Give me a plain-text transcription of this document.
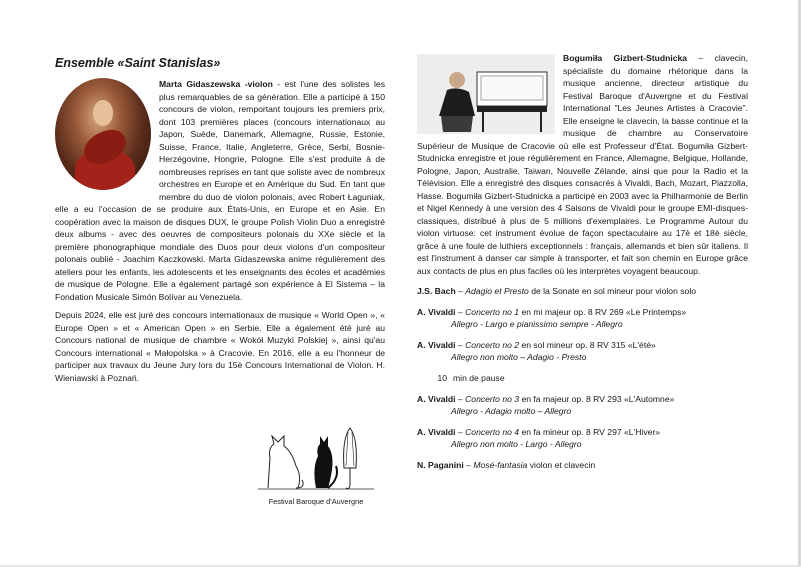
Ensemble «Saint Stanislas»

Marta Gidaszewska -violon - est l'une des solistes les plus remarquables de sa génération. Elle a participé à 150 concours de violon, remportant toujours les premiers prix, dont 103 premières places (concours internationaux au Japon, Suède, Danemark, Allemagne, Russie, Estonie, Suisse, France, Italie, Angleterre, Grèce, Serbi, Bosnie-Herzégovine, Hongrie, Pologne. Elle s'est produite à de nombreuses reprises en tant que soliste avec de nombreux orchestres en Europe et en Amérique du Sud. En tant que membre du duo de violon polonais, avec Robert Łaguniak, elle a eu l'occasion de se produire aux États-Unis, en Europe et en Asie. En coopération avec la maison de disques DUX, le groupe Polish Violin Duo a enregistré deux albums - avec des oeuvres de compositeurs polonais du XXe siècle et la première phonographique mondiale des Duos pour deux violons d'un compositeur polonais oublié - Joachim Kaczkowski. Marta Gidaszewska anime régulièrement des ateliers pour les enfants, les adolescents et les enseignants des écoles et académies de musique de Pologne. Elle a également partagé son expérience à El Sistema – la Fondation Musicale Simón Bolívar au Venezuela.

Depuis 2024, elle est juré des concours internationaux de musique « World Open », « Europe Open » et « American Open » en Serbie. Elle a également été juré au Concours national de musique de chambre « Wokół Muzyki Polskiej », ainsi qu'au Concours international « Małopolska » à Cracovie. En 2016, elle a eu l'honneur de participer aux travaux du Jeune Jury lors du 15è Concours International de Violon. H. Wieniawski à Poznań.

Festival Baroque d'Auvergne

Bogumiła Gizbert-Studnicka – clavecin, spécialiste du domaine rhétorique dans la musique ancienne, directeur artistique du Festival Baroque d'Auvergne et du Festival International "Les Jeunes Artistes à Cracovie". Elle enseigne le clavecin, la basse continue et la musique de chambre au Conservatoire Supérieur de Musique de Cracovie où elle est Professeur d'État. Bogumiła Gizbert-Studnicka enregistre et joue régulièrement en France, Allemagne, Belgique, Hollande, Pologne, Japon, Australie, Taiwan, Nouvelle Zélande, ainsi que pour la Radio et la Télévision. Elle a enregistré des disques consacrés à Vivaldi, Bach, Mozart, Piazzolla, Hasse. Bogumiła Gizbert-Studnicka a participé en 2003 avec la Philharmonie de Berlin et Nigel Kennedy à une version des 4 Saisons de Vivaldi pour le groupe EMI-disques-classiques, distribué à plus de 5 millions d'exemplaires. Le Programme Autour du violon virtuose: cet instrument évolue de façon spectaculaire au 17è et 18è siècle, grâce à une foule de luthiers exceptionnels : français, allemands et bien sûr italiens. Il est l'instrument à danser car simple à transporter, et fait son chemin en Europe grâce aux contacts de plus en plus faciles où les interprètes voyagent beaucoup.

J.S. Bach – Adagio et Presto de la Sonate en sol mineur pour violon solo
A. Vivaldi – Concerto no 1 en mi majeur op. 8 RV 269 «Le Printemps»
Allegro - Largo e pianissimo sempre - Allegro
A. Vivaldi – Concerto no 2 en sol mineur op. 8 RV 315 «L'été»
Allegro non molto – Adagio - Presto
10 min de pause
A. Vivaldi – Concerto no 3 en fa majeur op. 8 RV 293 «L'Automne»
Allegro - Adagio molto – Allegro
A. Vivaldi – Concerto no 4 en fa mineur op. 8 RV 297 «L'Hiver»
Allegro non molto - Largo - Allegro
N. Paganini – Mosé-fantasia violon et clavecin
